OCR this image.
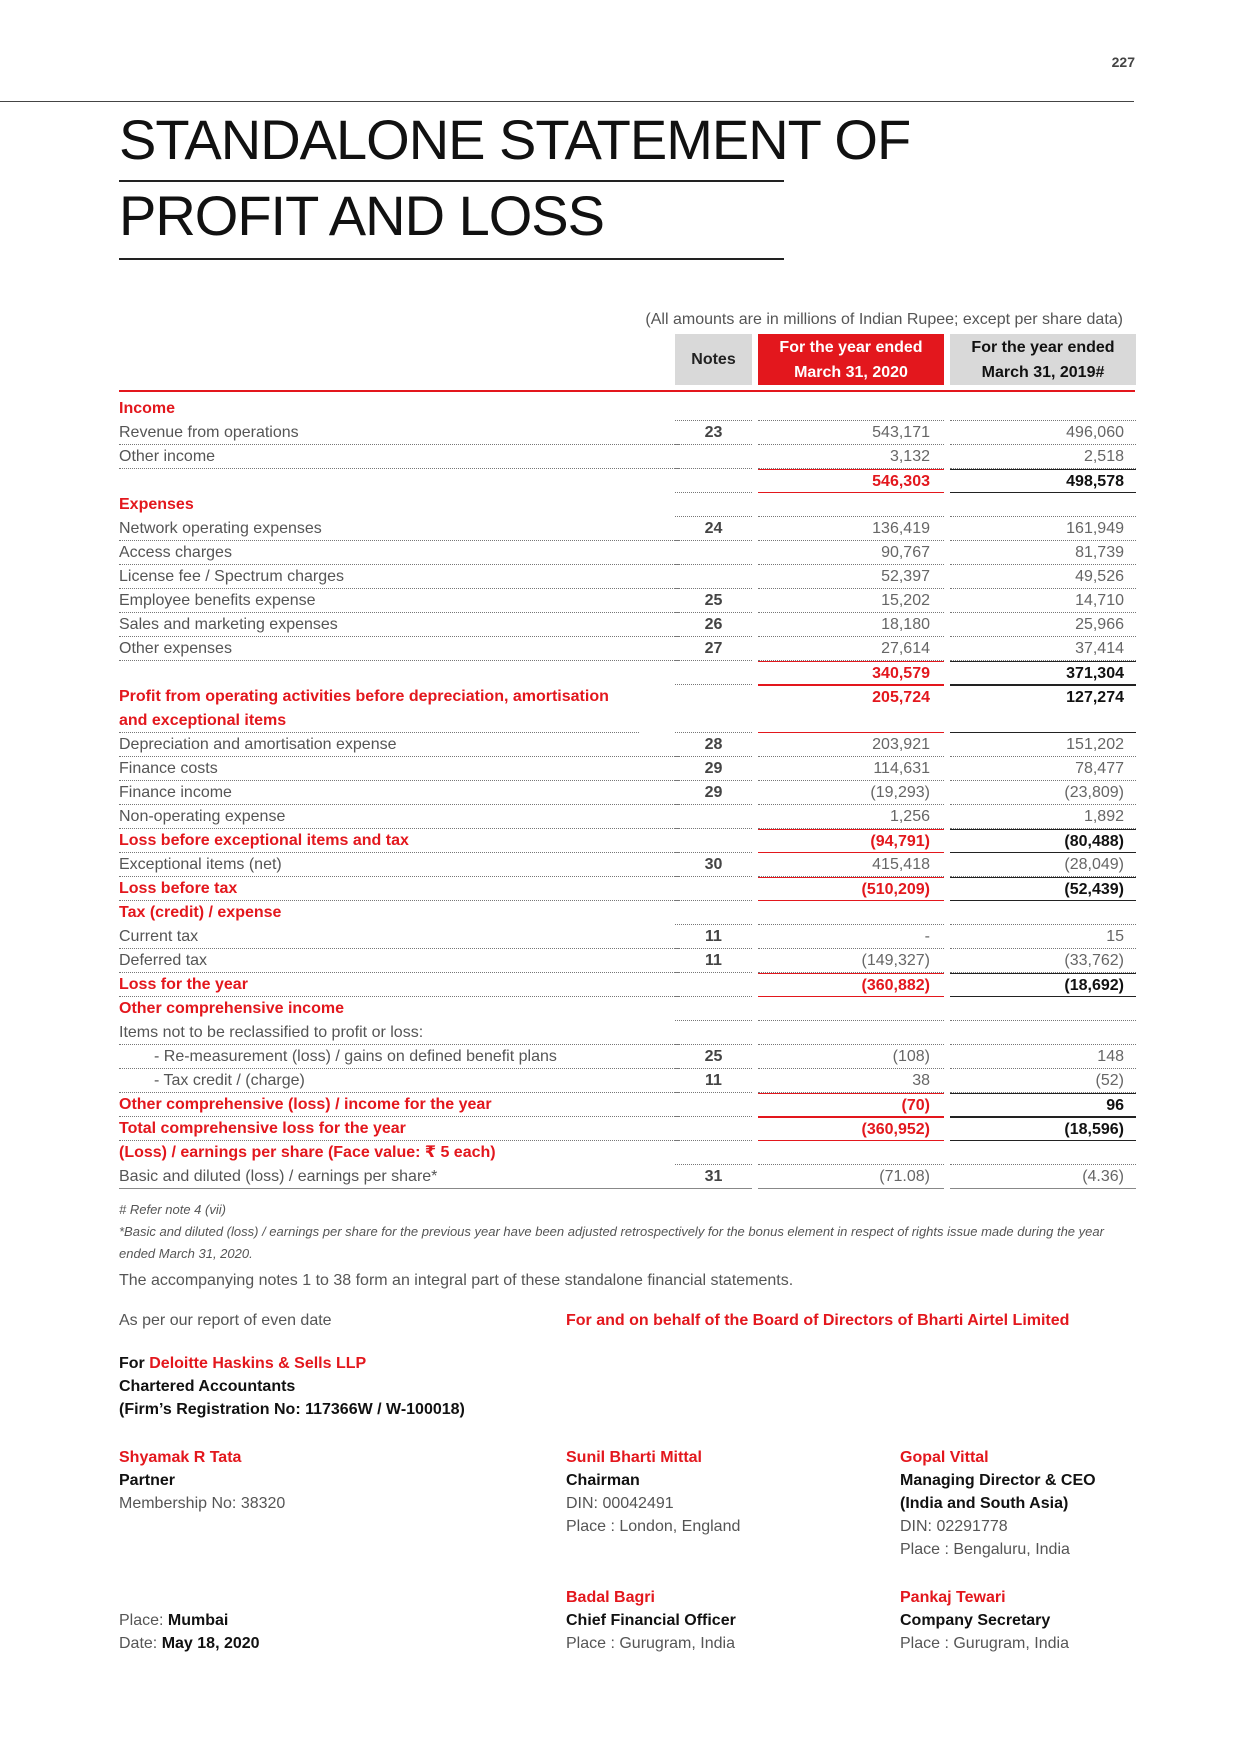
227
STANDALONE STATEMENT OF
PROFIT AND LOSS
(All amounts are in millions of Indian Rupee; except per share data)
Notes
For the year ended
March 31, 2020
For the year ended
March 31, 2019#
Income
Revenue from operations	23	543,171	496,060
Other income	3,132	2,518
546,303	498,578
Expenses
Network operating expenses	24	136,419	161,949
Access charges	90,767	81,739
License fee / Spectrum charges	52,397	49,526
Employee benefits expense	25	15,202	14,710
Sales and marketing expenses	26	18,180	25,966
Other expenses	27	27,614	37,414
340,579	371,304
Profit from operating activities before depreciation, amortisation and exceptional items
205,724	127,274
Depreciation and amortisation expense	28	203,921	151,202
Finance costs	29	114,631	78,477
Finance income	29	(19,293)	(23,809)
Non-operating expense	1,256	1,892
Loss before exceptional items and tax	(94,791)	(80,488)
Exceptional items (net)	30	415,418	(28,049)
Loss before tax	(510,209)	(52,439)
Tax (credit) / expense
Current tax	11	-	15
Deferred tax	11	(149,327)	(33,762)
Loss for the year	(360,882)	(18,692)
Other comprehensive income
Items not to be reclassified to profit or loss:
- Re-measurement (loss) / gains on defined benefit plans	25	(108)	148
- Tax credit / (charge)	11	38	(52)
Other comprehensive (loss) / income for the year	(70)	96
Total comprehensive loss for the year	(360,952)	(18,596)
(Loss) / earnings per share (Face value: ₹ 5 each)
Basic and diluted (loss) / earnings per share*	31	(71.08)	(4.36)
# Refer note 4 (vii)
*Basic and diluted (loss) / earnings per share for the previous year have been adjusted retrospectively for the bonus element in respect of rights issue made during the year ended March 31, 2020.
The accompanying notes 1 to 38 form an integral part of these standalone financial statements.
As per our report of even date	For and on behalf of the Board of Directors of Bharti Airtel Limited
For Deloitte Haskins & Sells LLP
Chartered Accountants
(Firm’s Registration No: 117366W / W-100018)
Shyamak R Tata
Partner
Membership No: 38320
Sunil Bharti Mittal
Chairman
DIN: 00042491
Place : London, England
Gopal Vittal
Managing Director & CEO
(India and South Asia)
DIN: 02291778
Place : Bengaluru, India
Badal Bagri
Chief Financial Officer
Place : Gurugram, India
Pankaj Tewari
Company Secretary
Place : Gurugram, India
Place: Mumbai
Date: May 18, 2020
